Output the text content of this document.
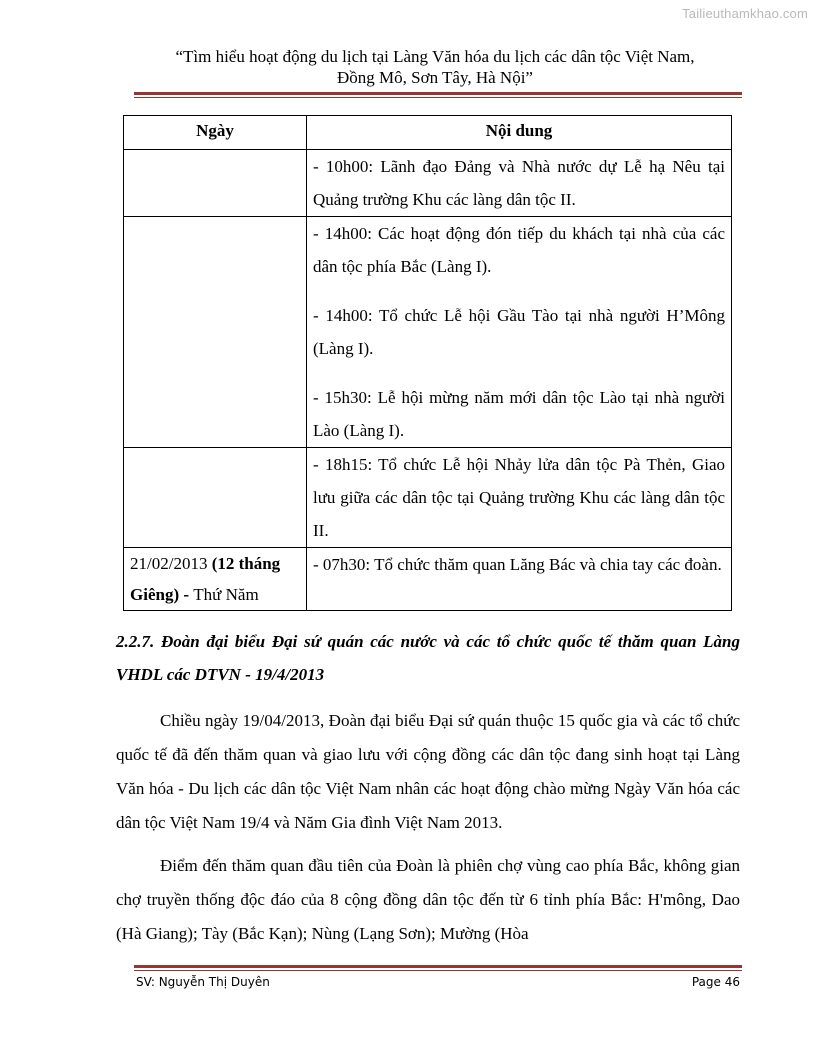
Tailieuthamkhao.com
“Tìm hiểu hoạt động du lịch tại Làng Văn hóa du lịch các dân tộc Việt Nam,
Đồng Mô, Sơn Tây, Hà Nội”
Ngày	Nội dung

	- 10h00: Lãnh đạo Đảng và Nhà nước dự Lễ hạ Nêu tại Quảng trường Khu các làng dân tộc II.

	- 14h00: Các hoạt động đón tiếp du khách tại nhà của các dân tộc phía Bắc (Làng I).

- 14h00: Tổ chức Lễ hội Gầu Tào tại nhà người H’Mông (Làng I).

- 15h30: Lễ hội mừng năm mới dân tộc Lào tại nhà người Lào (Làng I).

	- 18h15: Tổ chức Lễ hội Nhảy lửa dân tộc Pà Thẻn, Giao lưu giữa các dân tộc tại Quảng trường Khu các làng dân tộc II.

21/02/2013 (12 tháng Giêng) - Thứ Năm	- 07h30: Tổ chức thăm quan Lăng Bác và chia tay các đoàn.

2.2.7. Đoàn đại biểu Đại sứ quán các nước và các tổ chức quốc tế thăm quan Làng VHDL các DTVN - 19/4/2013

Chiều ngày 19/04/2013, Đoàn đại biểu Đại sứ quán thuộc 15 quốc gia và các tổ chức quốc tế đã đến thăm quan và giao lưu với cộng đồng các dân tộc đang sinh hoạt tại Làng Văn hóa - Du lịch các dân tộc Việt Nam nhân các hoạt động chào mừng Ngày Văn hóa các dân tộc Việt Nam 19/4 và Năm Gia đình Việt Nam 2013.

Điểm đến thăm quan đầu tiên của Đoàn là phiên chợ vùng cao phía Bắc, không gian chợ truyền thống độc đáo của 8 cộng đồng dân tộc đến từ 6 tỉnh phía Bắc: H'mông, Dao (Hà Giang); Tày (Bắc Kạn); Nùng (Lạng Sơn); Mường (Hòa

SV: Nguyễn Thị Duyên	Page 46
